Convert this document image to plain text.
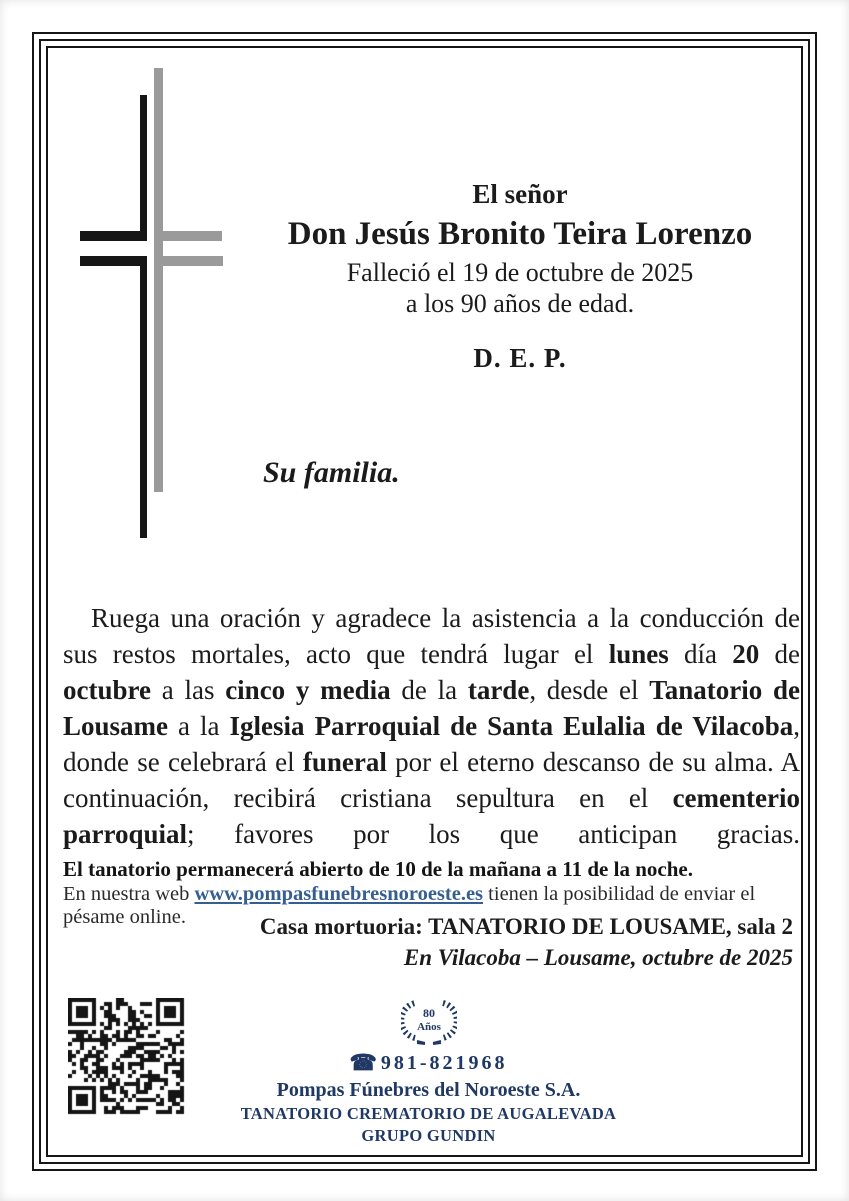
El señor
Don Jesús Bronito Teira Lorenzo
Falleció el 19 de octubre de 2025
a los 90 años de edad.
D. E. P.
Su familia.

Ruega una oración y agradece la asistencia a la conducción de sus restos mortales, acto que tendrá lugar el lunes día 20 de octubre a las cinco y media de la tarde, desde el Tanatorio de Lousame a la Iglesia Parroquial de Santa Eulalia de Vilacoba, donde se celebrará el funeral por el eterno descanso de su alma. A continuación, recibirá cristiana sepultura en el cementerio parroquial; favores por los que anticipan gracias.

El tanatorio permanecerá abierto de 10 de la mañana a 11 de la noche.
En nuestra web www.pompasfunebresnoroeste.es tienen la posibilidad de enviar el pésame online.	Casa mortuoria: TANATORIO DE LOUSAME, sala 2
En Vilacoba – Lousame, octubre de 2025
80
Años
☎ 981-821968
Pompas Fúnebres del Noroeste S.A.
TANATORIO CREMATORIO DE AUGALEVADA
GRUPO GUNDIN
